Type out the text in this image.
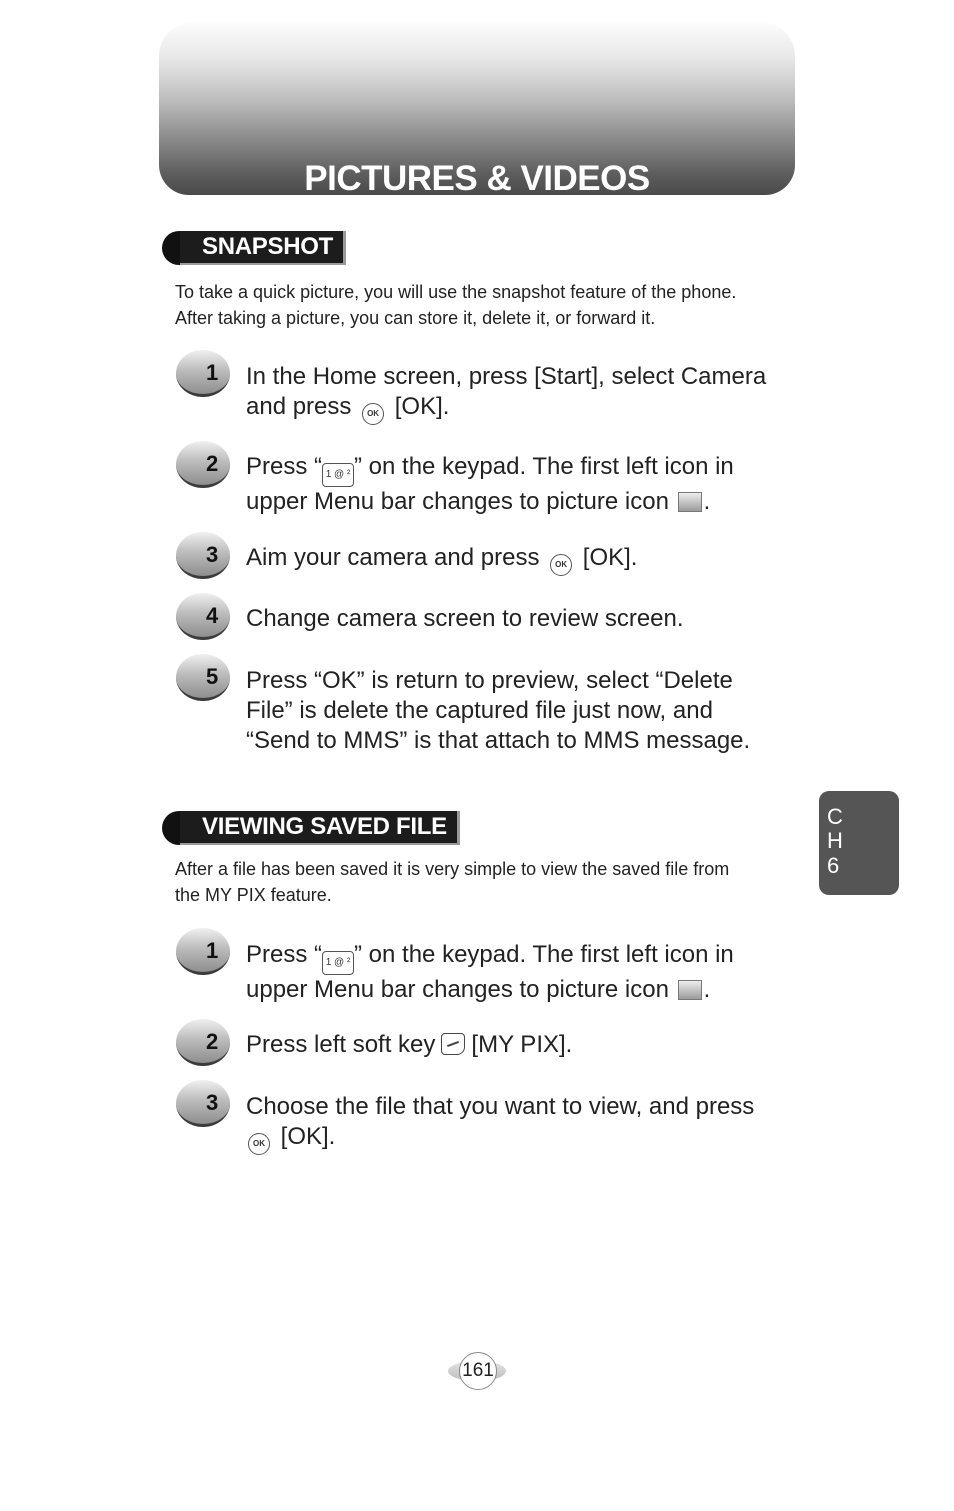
PICTURES & VIDEOS
SNAPSHOT
To take a quick picture, you will use the snapshot feature of the phone.
After taking a picture, you can store it, delete it, or forward it.
1 In the Home screen, press [Start], select Camera
and press OK [OK].
2 Press “ 1 @ ² ” on the keypad. The first left icon in
upper Menu bar changes to picture icon .
3 Aim your camera and press OK [OK].
4 Change camera screen to review screen.
5 Press “OK” is return to preview, select “Delete
File” is delete the captured file just now, and
“Send to MMS” is that attach to MMS message.
VIEWING SAVED FILE
After a file has been saved it is very simple to view the saved file from
the MY PIX feature.
1 Press “ 1 @ ² ” on the keypad. The first left icon in
upper Menu bar changes to picture icon .
2 Press left soft key [MY PIX].
3 Choose the file that you want to view, and press
OK [OK].
C
H
6
161
